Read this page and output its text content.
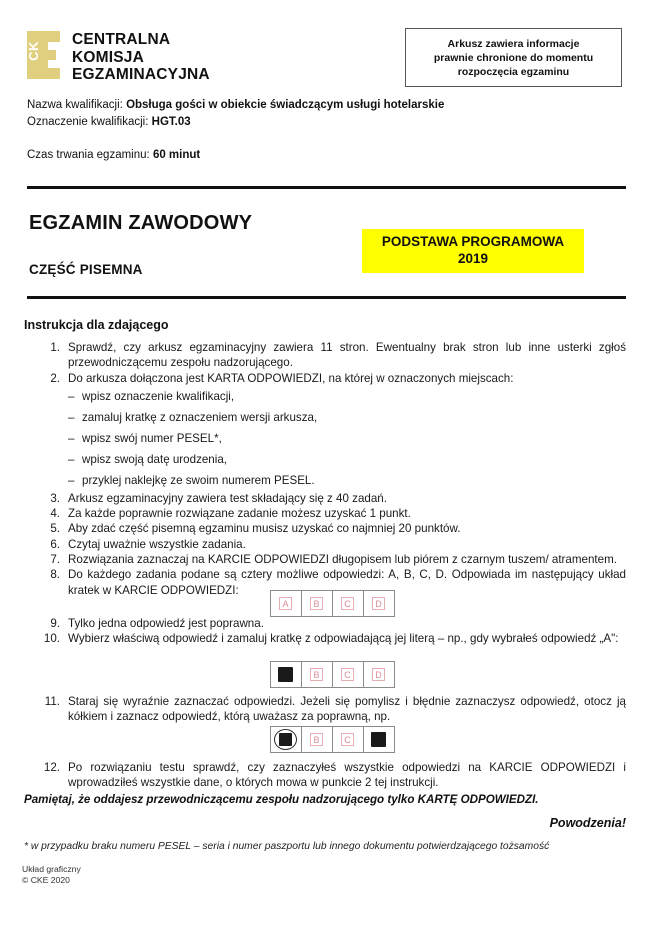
CK
CENTRALNA
KOMISJA
EGZAMINACYJNA

Arkusz zawiera informacje
prawnie chronione do momentu
rozpoczęcia egzaminu

Nazwa kwalifikacji: Obsługa gości w obiekcie świadczącym usługi hotelarskie
Oznaczenie kwalifikacji: HGT.03
Czas trwania egzaminu: 60 minut
EGZAMIN ZAWODOWY
CZĘŚĆ PISEMNA
PODSTAWA PROGRAMOWA
2019
Instrukcja dla zdającego
1. Sprawdź, czy arkusz egzaminacyjny zawiera 11 stron. Ewentualny brak stron lub inne usterki zgłoś przewodniczącemu zespołu nadzorującego.
2. Do arkusza dołączona jest KARTA ODPOWIEDZI, na której w oznaczonych miejscach:
– wpisz oznaczenie kwalifikacji,
– zamaluj kratkę z oznaczeniem wersji arkusza,
– wpisz swój numer PESEL*,
– wpisz swoją datę urodzenia,
– przyklej naklejkę ze swoim numerem PESEL.
3. Arkusz egzaminacyjny zawiera test składający się z 40 zadań.
4. Za każde poprawnie rozwiązane zadanie możesz uzyskać 1 punkt.
5. Aby zdać część pisemną egzaminu musisz uzyskać co najmniej 20 punktów.
6. Czytaj uważnie wszystkie zadania.
7. Rozwiązania zaznaczaj na KARCIE ODPOWIEDZI długopisem lub piórem z czarnym tuszem/ atramentem.
8. Do każdego zadania podane są cztery możliwe odpowiedzi: A, B, C, D. Odpowiada im następujący układ kratek w KARCIE ODPOWIEDZI:
A	B	C	D
9. Tylko jedna odpowiedź jest poprawna.
10. Wybierz właściwą odpowiedź i zamaluj kratkę z odpowiadającą jej literą – np., gdy wybrałeś odpowiedź „A":
B	C	D
11. Staraj się wyraźnie zaznaczać odpowiedzi. Jeżeli się pomylisz i błędnie zaznaczysz odpowiedź, otocz ją kółkiem i zaznacz odpowiedź, którą uważasz za poprawną, np.
B	C
12. Po rozwiązaniu testu sprawdź, czy zaznaczyłeś wszystkie odpowiedzi na KARCIE ODPOWIEDZI i wprowadziłeś wszystkie dane, o których mowa w punkcie 2 tej instrukcji.
Pamiętaj, że oddajesz przewodniczącemu zespołu nadzorującego tylko KARTĘ ODPOWIEDZI.
Powodzenia!
* w przypadku braku numeru PESEL – seria i numer paszportu lub innego dokumentu potwierdzającego tożsamość
Układ graficzny
© CKE 2020
